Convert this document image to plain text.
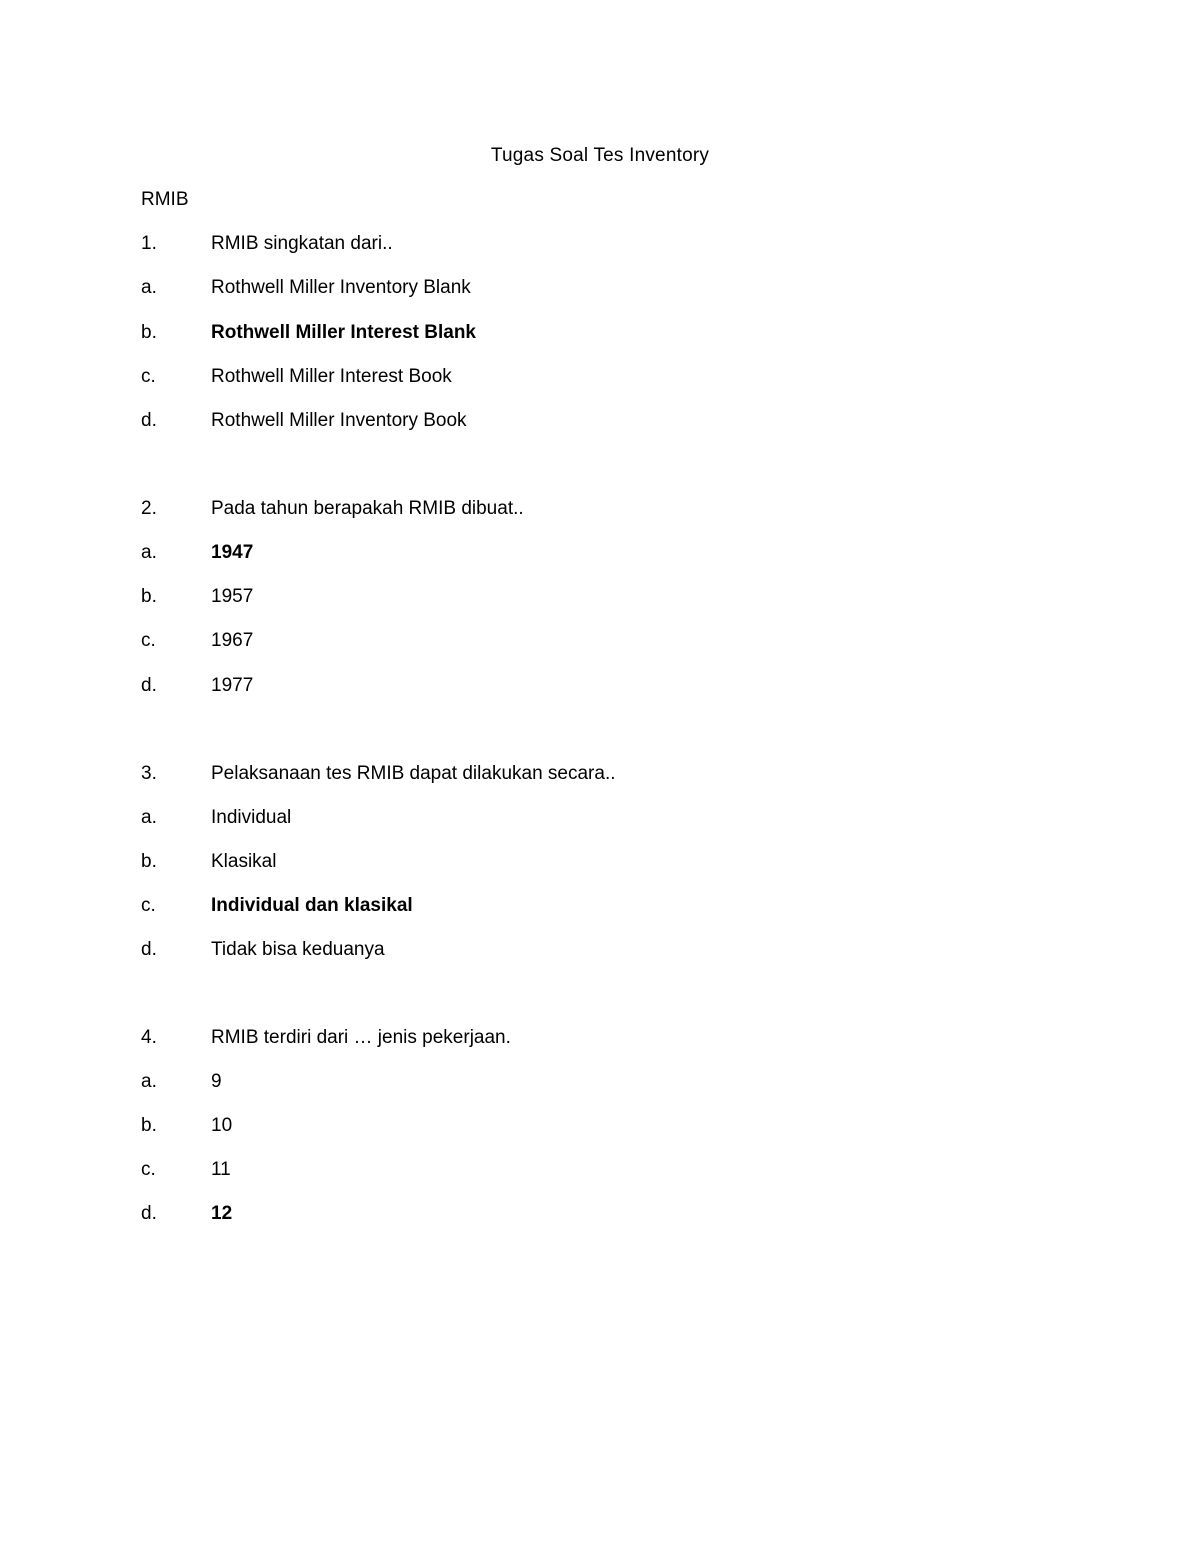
Tugas Soal Tes Inventory
RMIB
1.	RMIB singkatan dari..
a.	Rothwell Miller Inventory Blank
b.	Rothwell Miller Interest Blank
c.	Rothwell Miller Interest Book
d.	Rothwell Miller Inventory Book
2.	Pada tahun berapakah RMIB dibuat..
a.	1947
b.	1957
c.	1967
d.	1977
3.	Pelaksanaan tes RMIB dapat dilakukan secara..
a.	Individual
b.	Klasikal
c.	Individual dan klasikal
d.	Tidak bisa keduanya
4.	RMIB terdiri dari … jenis pekerjaan.
a.	9
b.	10
c.	11
d.	12
